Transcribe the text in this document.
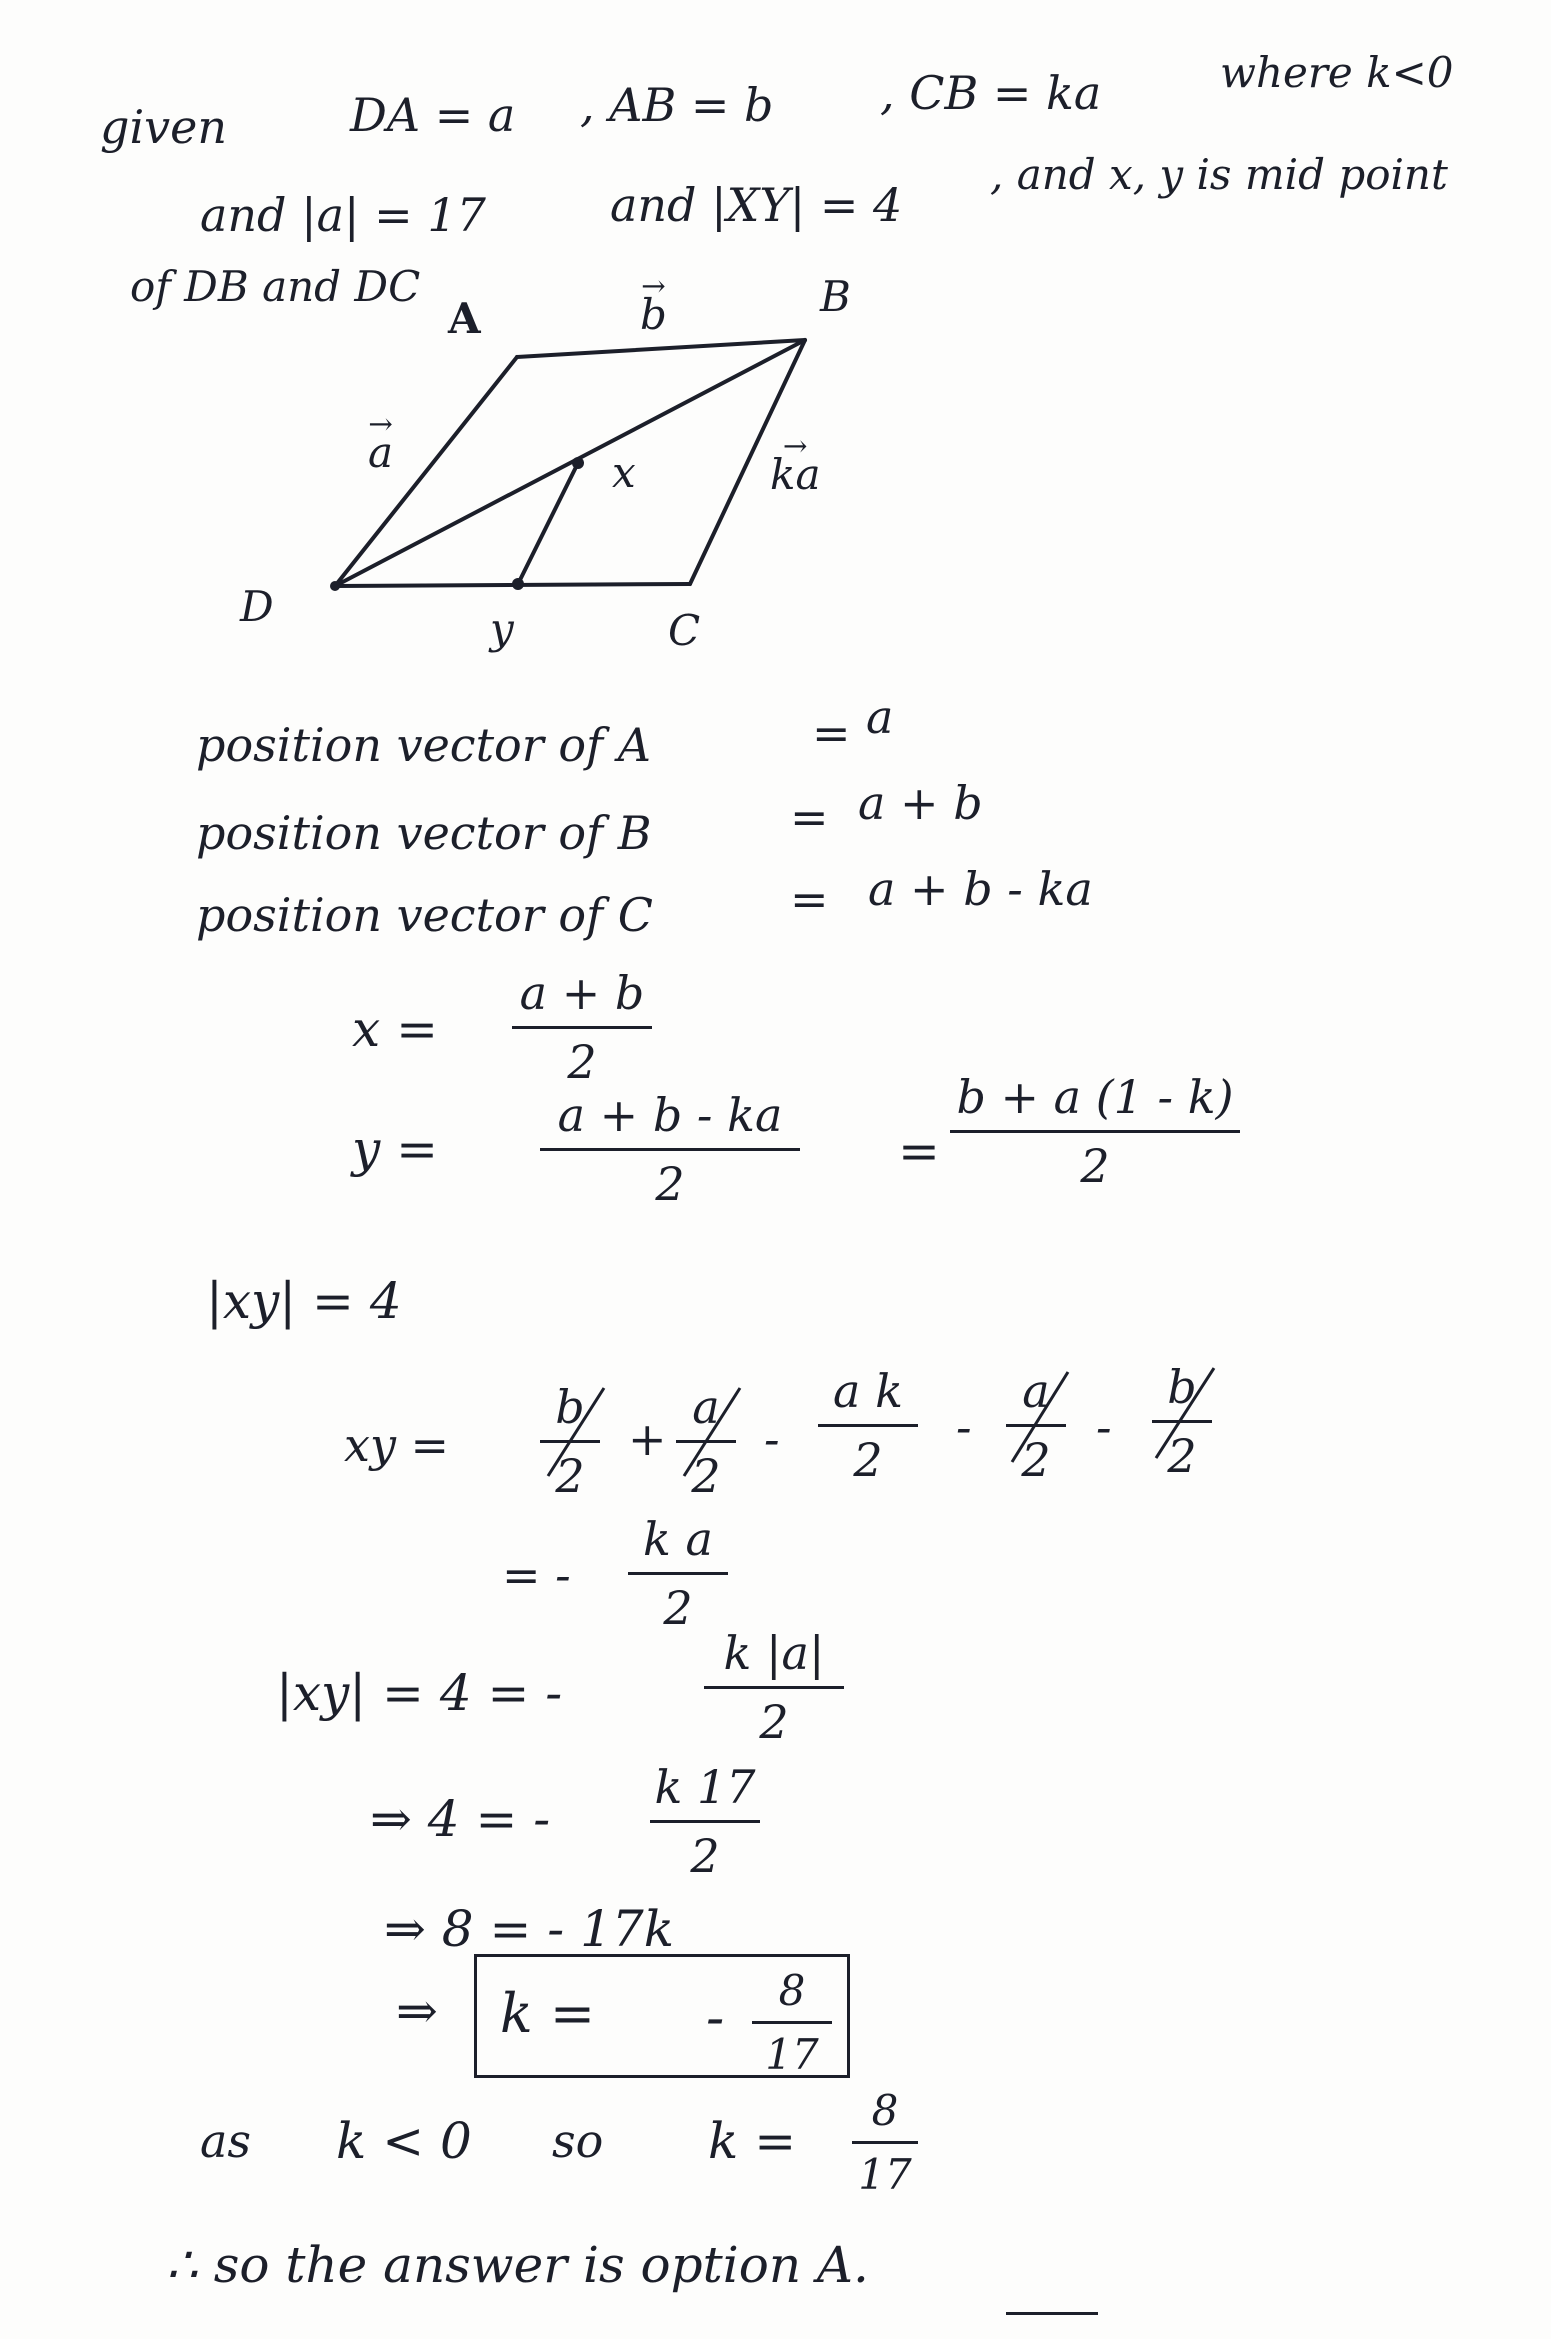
given	DA = a , AB = b , CB = ka	where k<0
and |a| = 17	and |XY| = 4
, and x, y is mid point
of DB and DC
A	B
C
D
x
y
→ b
→ a
→	ka
position vector of A	= a
position vector of B	= a + b
position vector of C	= a + b - ka
x =
a + b
2
y =
a + b - ka
2
=
b + a (1 - k)
2
|xy| = 4
xy =
b
2
+
a
2
-
a k
2
-
a
2
-
b
2
= -
k a
2
|xy| = 4 = -
k |a|
2
⇒ 4 = -
k 17
2
⇒ 8 = - 17k
⇒ k = - 8
17
as k < 0 so k =
8
17
∴ so the answer is option A.
